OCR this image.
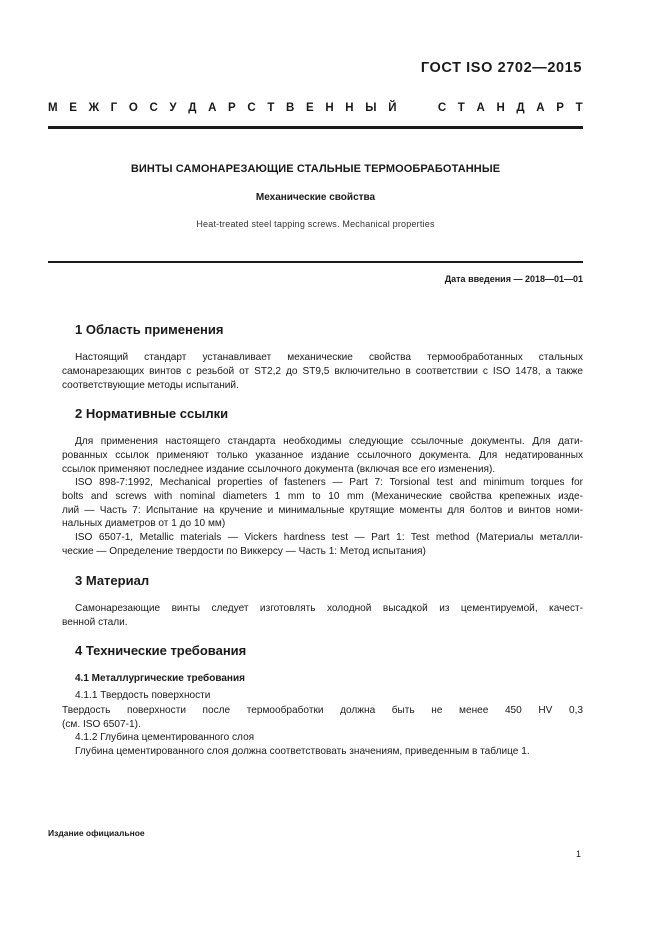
ГОСТ ISO 2702—2015
М Е Ж Г О С У Д А Р С Т В Е Н Н Ы Й

	С Т А Н Д А Р Т
ВИНТЫ САМОНАРЕЗАЮЩИЕ СТАЛЬНЫЕ ТЕРМООБРАБОТАННЫЕ
Механические свойства
Heat-treated steel tapping screws. Mechanical properties
Дата введения — 2018—01—01
1 Область применения
Настоящий стандарт устанавливает механические свойства термообработанных стальных
самонарезающих винтов с резьбой от ST2,2 до ST9,5 включительно в соответствии с ISO 1478, а также
соответствующие методы испытаний.
2 Нормативные ссылки
Для применения настоящего стандарта необходимы следующие ссылочные документы. Для дати-
рованных ссылок применяют только указанное издание ссылочного документа. Для недатированных
ссылок применяют последнее издание ссылочного документа (включая все его изменения).
ISO 898-7:1992, Mechanical properties of fasteners — Part 7: Torsional test and minimum torques for
bolts and screws with nominal diameters 1 mm to 10 mm (Механические свойства крепежных изде-
лий — Часть 7: Испытание на кручение и минимальные крутящие моменты для болтов и винтов номи-
нальных диаметров от 1 до 10 мм)
ISO 6507-1, Metallic materials — Vickers hardness test — Part 1: Test method (Материалы металли-
ческие — Определение твердости по Виккерсу — Часть 1: Метод испытания)
3 Материал
Самонарезающие винты следует изготовлять холодной высадкой из цементируемой, качест-
венной стали.
4 Технические требования
4.1 Металлургические требования
4.1.1 Твердость поверхности
Твердость поверхности после термообработки должна быть не менее 450 HV 0,3
(см. ISO 6507-1).
4.1.2 Глубина цементированного слоя
Глубина цементированного слоя должна соответствовать значениям, приведенным в таблице 1.
Издание официальное
1
